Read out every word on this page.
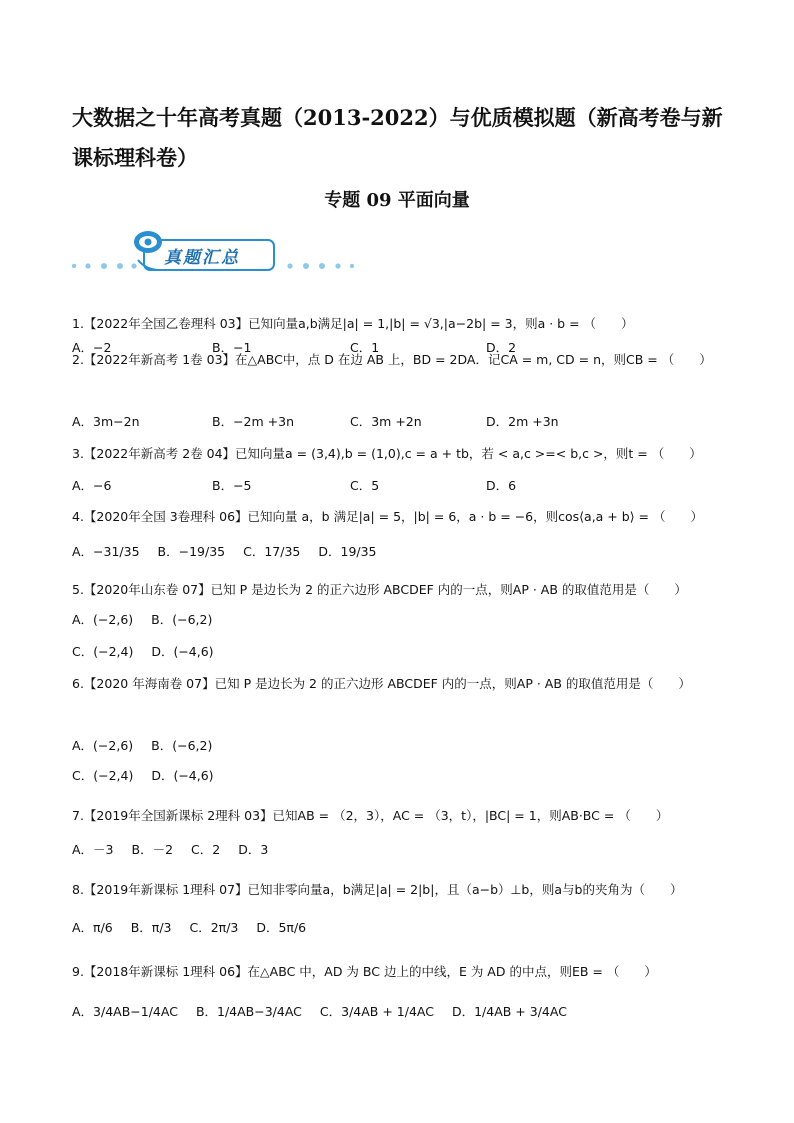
大数据之十年高考真题（2013-2022）与优质模拟题（新高考卷与新课标理科卷）
专题 09 平面向量
真题汇总
1.【2022年全国乙卷理科 03】已知向量a,b满足|a| = 1,|b| = √3,|a−2b| = 3，则a · b = （　　）
A．−2	B．−1	C．1	D．2
2.【2022年新高考 1卷 03】在△ABC中，点 D 在边 AB 上，BD = 2DA．记CA = m, CD = n，则CB = （　　）
A．3m−2n	B．−2m +3n	C．3m +2n	D．2m +3n
3.【2022年新高考 2卷 04】已知向量a = (3,4),b = (1,0),c = a + tb，若 < a,c >=< b,c >，则t = （　　）
A．−6	B．−5	C．5	D．6
4.【2020年全国 3卷理科 06】已知向量 a，b 满足|a| = 5，|b| = 6，a · b = −6，则cos⟨a,a + b⟩ = （　　）
A．−31/35 B．−19/35 C．17/35 D．19/35
5.【2020年山东卷 07】已知 P 是边长为 2 的正六边形 ABCDEF 内的一点，则AP · AB 的取值范用是（　　）
A．(−2,6) B．(−6,2)
C．(−2,4) D．(−4,6)
6.【2020 年海南卷 07】已知 P 是边长为 2 的正六边形 ABCDEF 内的一点，则AP · AB 的取值范用是（　　）
A．(−2,6) B．(−6,2)
C．(−2,4) D．(−4,6)
7.【2019年全国新课标 2理科 03】已知AB = （2，3），AC = （3，t），|BC| = 1，则AB·BC = （　　）
A．－3 B．－2 C．2 D．3
8.【2019年新课标 1理科 07】已知非零向量a，b满足|a| = 2|b|，且（a−b）⊥b，则a与b的夹角为（　　）
A．π/6 B．π/3 C．2π/3 D．5π/6
9.【2018年新课标 1理科 06】在△ABC 中，AD 为 BC 边上的中线，E 为 AD 的中点，则EB = （　　）
A．3/4AB−1/4AC B．1/4AB−3/4AC C．3/4AB + 1/4AC D．1/4AB + 3/4AC
